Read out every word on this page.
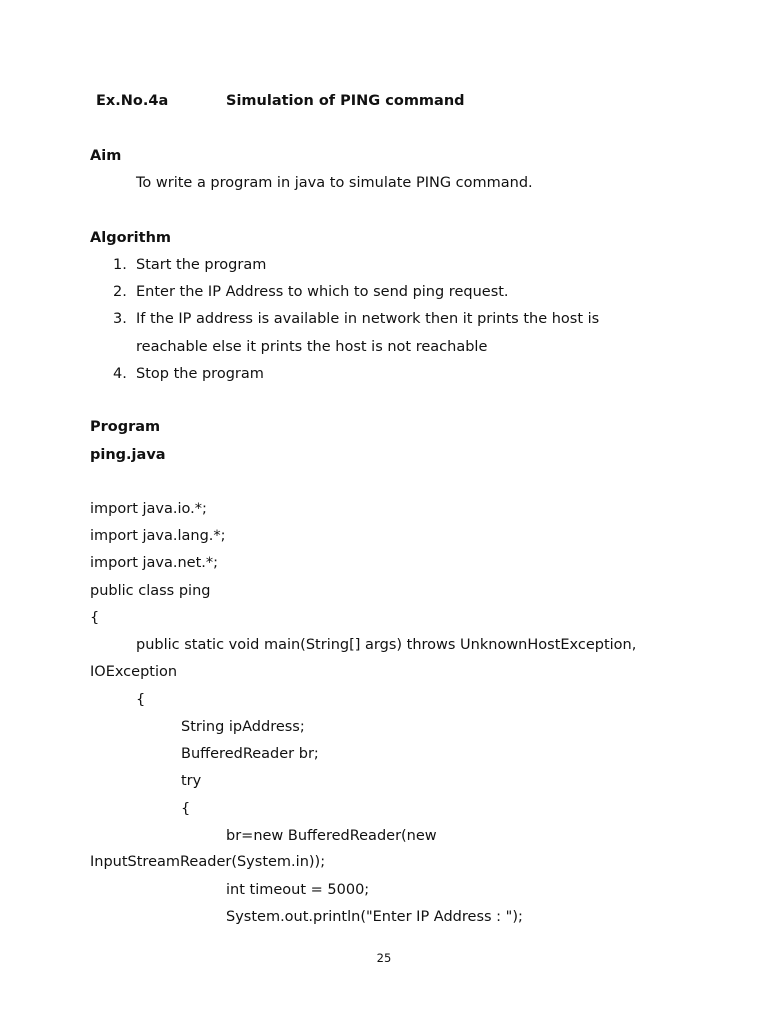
Ex.No.4a	Simulation of PING command
Aim
To write a program in java to simulate PING command.
Algorithm
1. Start the program
2. Enter the IP Address to which to send ping request.
3. If the IP address is available in network then it prints the host is
reachable else it prints the host is not reachable
4. Stop the program
Program
ping.java
import java.io.*;
import java.lang.*;
import java.net.*;
public class ping
{
public static void main(String[] args) throws UnknownHostException,
IOException
{
String ipAddress;
BufferedReader br;
try
{
br=new BufferedReader(new
InputStreamReader(System.in));
int timeout = 5000;
System.out.println("Enter IP Address : ");
25
